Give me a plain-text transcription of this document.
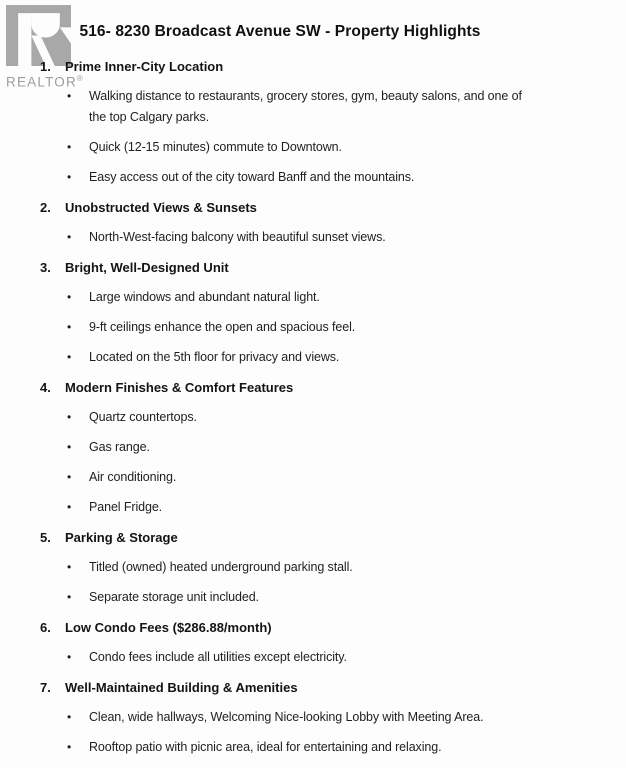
REALTOR®
516- 8230 Broadcast Avenue SW - Property Highlights
1.	Prime Inner-City Location
•	Walking distance to restaurants, grocery stores, gym, beauty salons, and one of the top Calgary parks.
•	Quick (12-15 minutes) commute to Downtown.
•	Easy access out of the city toward Banff and the mountains.
2.	Unobstructed Views & Sunsets
•	North-West-facing balcony with beautiful sunset views.
3.	Bright, Well-Designed Unit
•	Large windows and abundant natural light.
•	9-ft ceilings enhance the open and spacious feel.
•	Located on the 5th floor for privacy and views.
4.	Modern Finishes & Comfort Features
•	Quartz countertops.
•	Gas range.
•	Air conditioning.
•	Panel Fridge.
5.	Parking & Storage
•	Titled (owned) heated underground parking stall.
•	Separate storage unit included.
6.	Low Condo Fees ($286.88/month)
•	Condo fees include all utilities except electricity.
7.	Well-Maintained Building & Amenities
•	Clean, wide hallways, Welcoming Nice-looking Lobby with Meeting Area.
•	Rooftop patio with picnic area, ideal for entertaining and relaxing.
